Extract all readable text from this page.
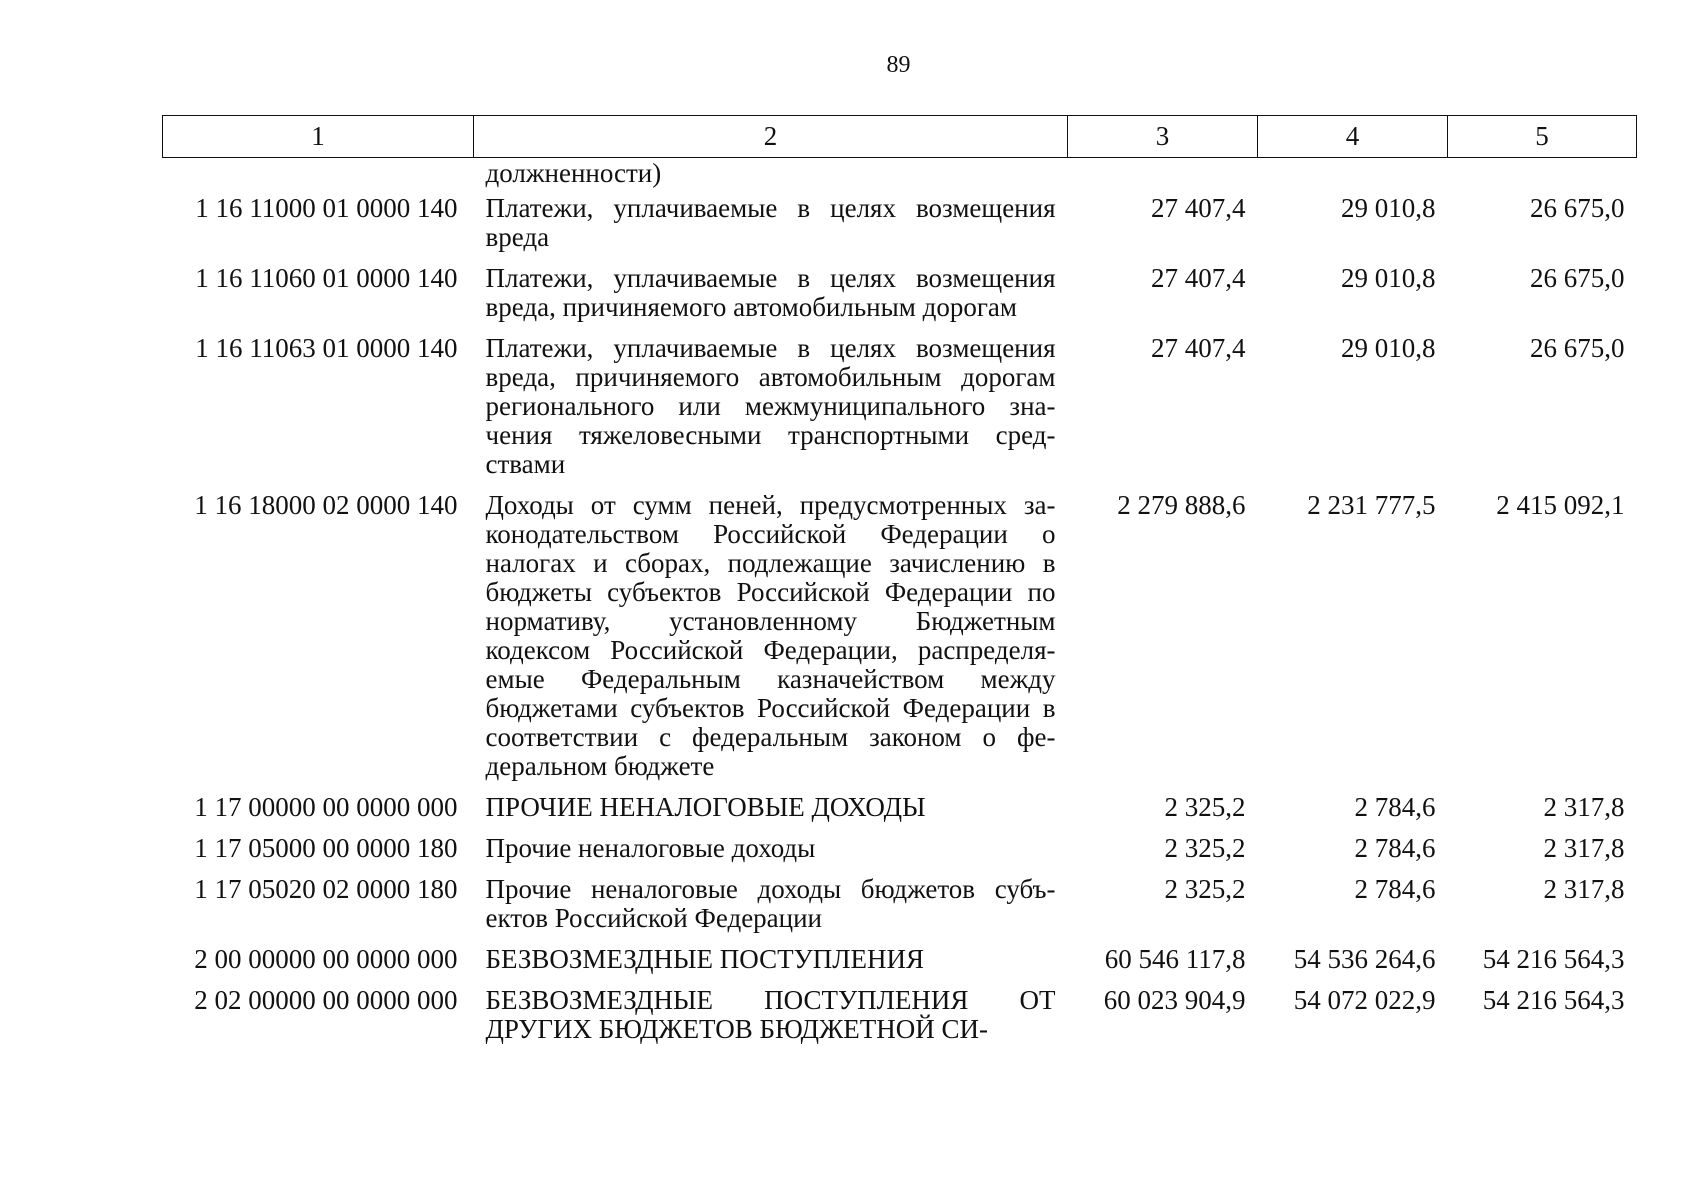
89
1	2	3	4	5
	должненности)			
1 16 11000 01 0000 140	Платежи, уплачиваемые в целях возмещения вреда	27 407,4	29 010,8	26 675,0
1 16 11060 01 0000 140	Платежи, уплачиваемые в целях возмещения вреда, причиняемого автомобильным дорогам	27 407,4	29 010,8	26 675,0
1 16 11063 01 0000 140	Платежи, уплачиваемые в целях возмещения вреда, причиняемого автомобильным дорогам регионального или межмуниципального зна-чения тяжеловесными транспортными сред-ствами	27 407,4	29 010,8	26 675,0
1 16 18000 02 0000 140	Доходы от сумм пеней, предусмотренных за-конодательством Российской Федерации о налогах и сборах, подлежащие зачислению в бюджеты субъектов Российской Федерации по нормативу, установленному Бюджетным кодексом Российской Федерации, распределя-емые Федеральным казначейством между бюджетами субъектов Российской Федерации в соответствии с федеральным законом о фе-деральном бюджете	2 279 888,6	2 231 777,5	2 415 092,1
1 17 00000 00 0000 000	ПРОЧИЕ НЕНАЛОГОВЫЕ ДОХОДЫ	2 325,2	2 784,6	2 317,8
1 17 05000 00 0000 180	Прочие неналоговые доходы	2 325,2	2 784,6	2 317,8
1 17 05020 02 0000 180	Прочие неналоговые доходы бюджетов субъ-ектов Российской Федерации	2 325,2	2 784,6	2 317,8
2 00 00000 00 0000 000	БЕЗВОЗМЕЗДНЫЕ ПОСТУПЛЕНИЯ	60 546 117,8	54 536 264,6	54 216 564,3
2 02 00000 00 0000 000	БЕЗВОЗМЕЗДНЫЕ ПОСТУПЛЕНИЯ ОТ ДРУГИХ БЮДЖЕТОВ БЮДЖЕТНОЙ СИ-	60 023 904,9	54 072 022,9	54 216 564,3
